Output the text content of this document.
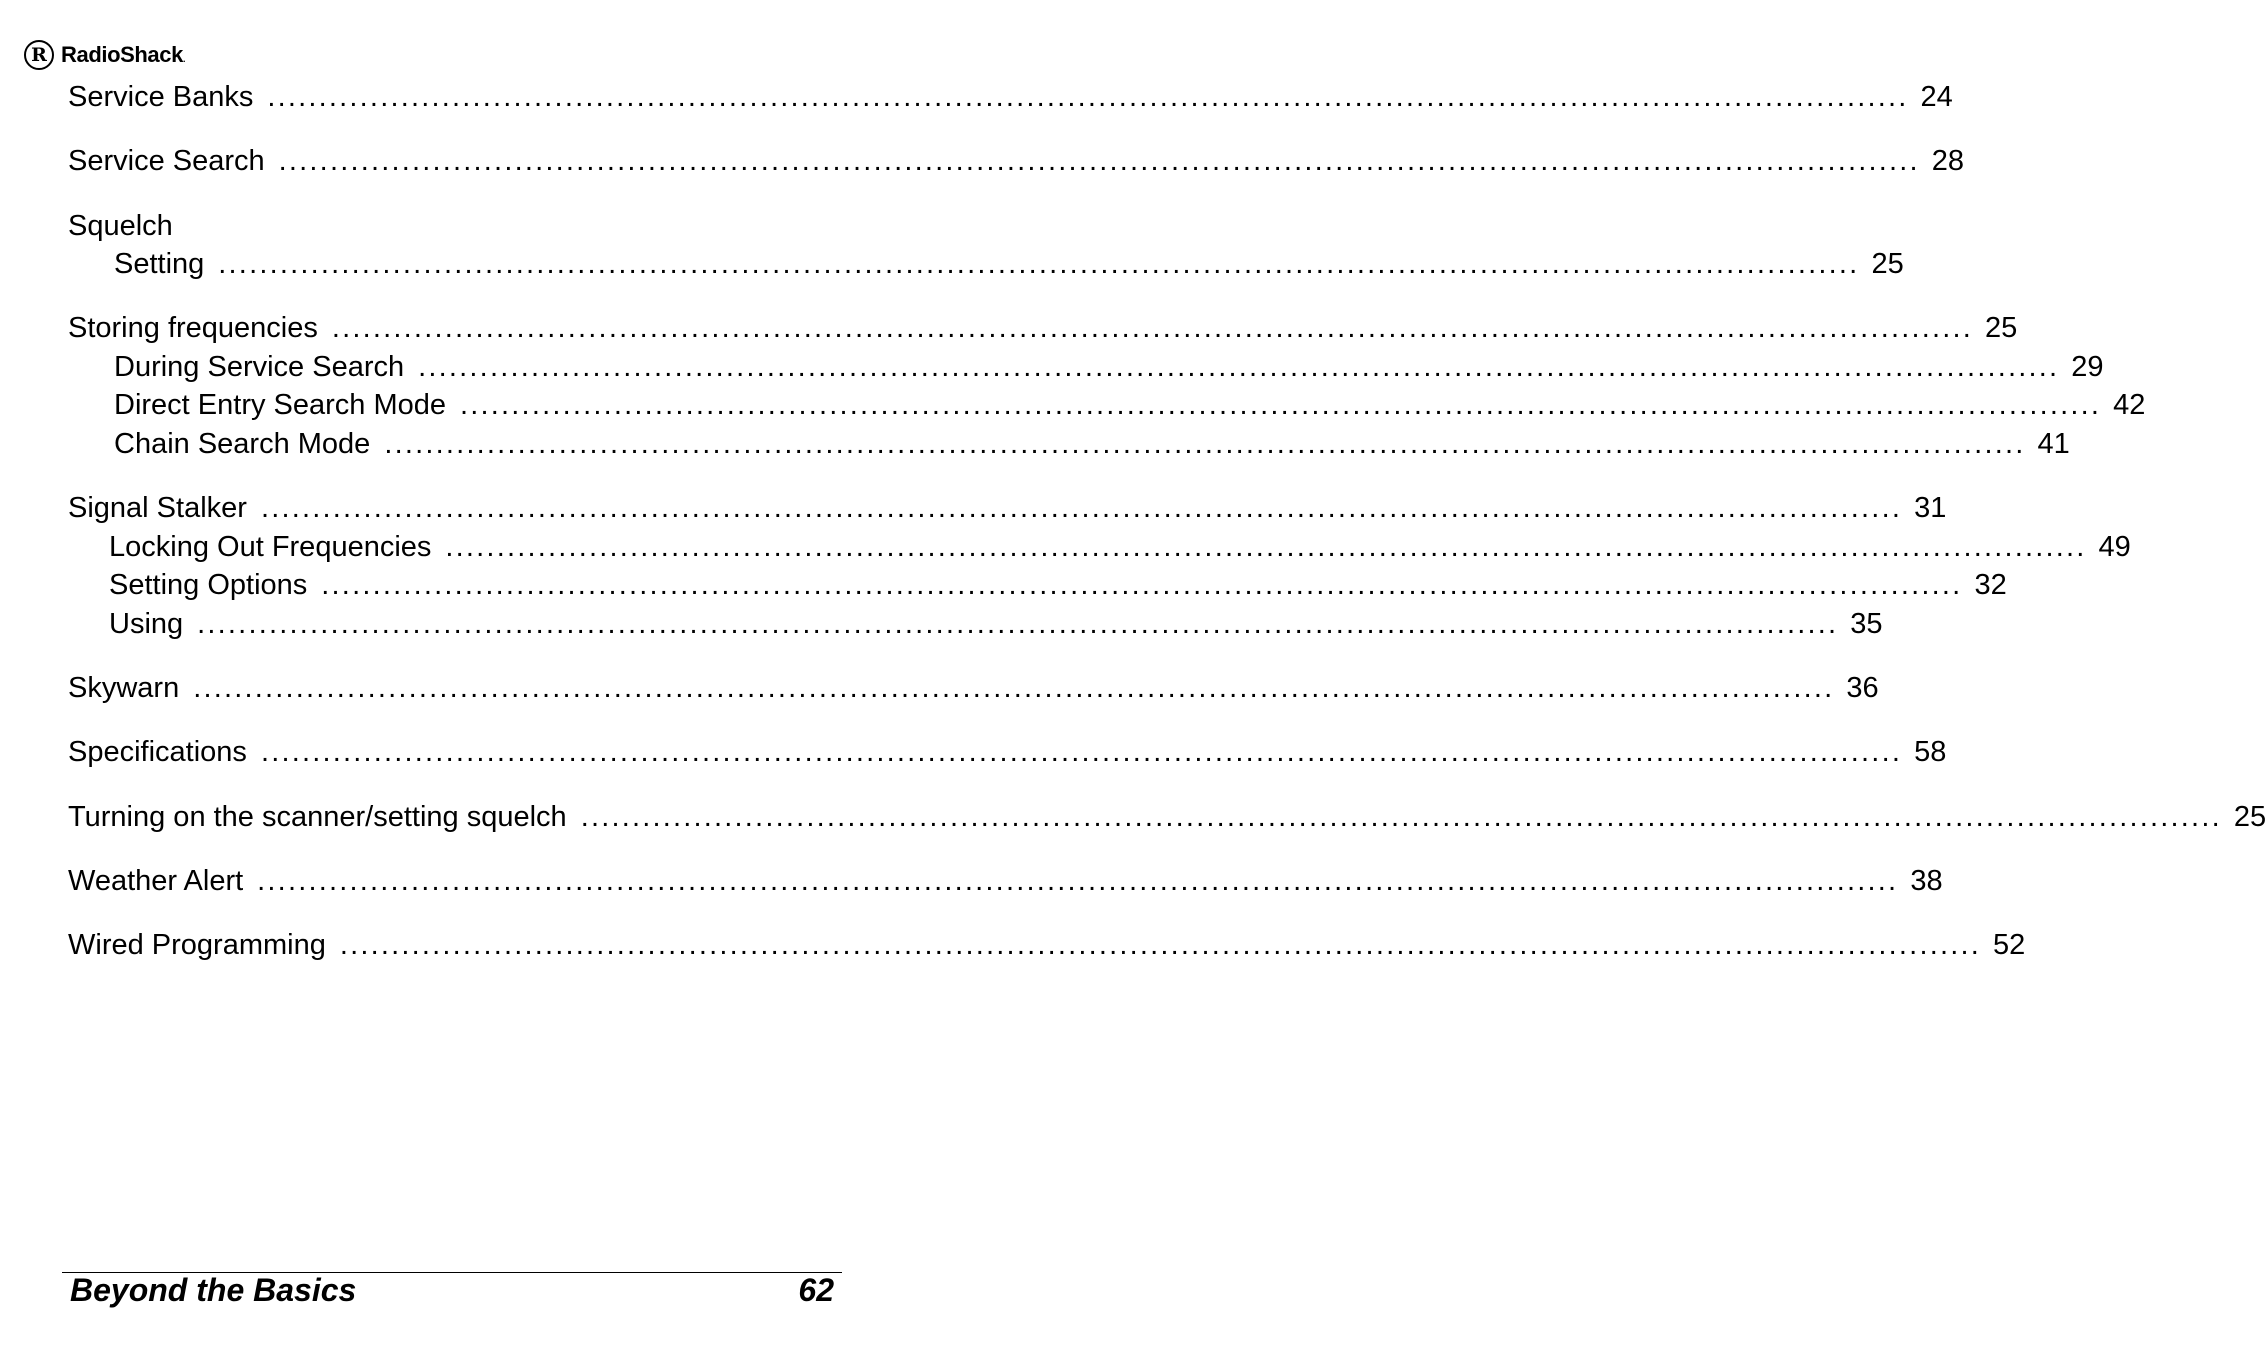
R RadioShack .
Service Banks ................................................................................................................................................................ 24
Service Search ................................................................................................................................................................ 28
Squelch
Setting ................................................................................................................................................................ 25
Storing frequencies ................................................................................................................................................................ 25
During Service Search ................................................................................................................................................................ 29
Direct Entry Search Mode ................................................................................................................................................................ 42
Chain Search Mode ................................................................................................................................................................ 41
Signal Stalker ................................................................................................................................................................ 31
Locking Out Frequencies ................................................................................................................................................................ 49
Setting Options ................................................................................................................................................................ 32
Using ................................................................................................................................................................ 35
Skywarn ................................................................................................................................................................ 36
Specifications ................................................................................................................................................................ 58
Turning on the scanner/setting squelch ................................................................................................................................................................ 25
Weather Alert ................................................................................................................................................................ 38
Wired Programming ................................................................................................................................................................ 52
Beyond the Basics	62
